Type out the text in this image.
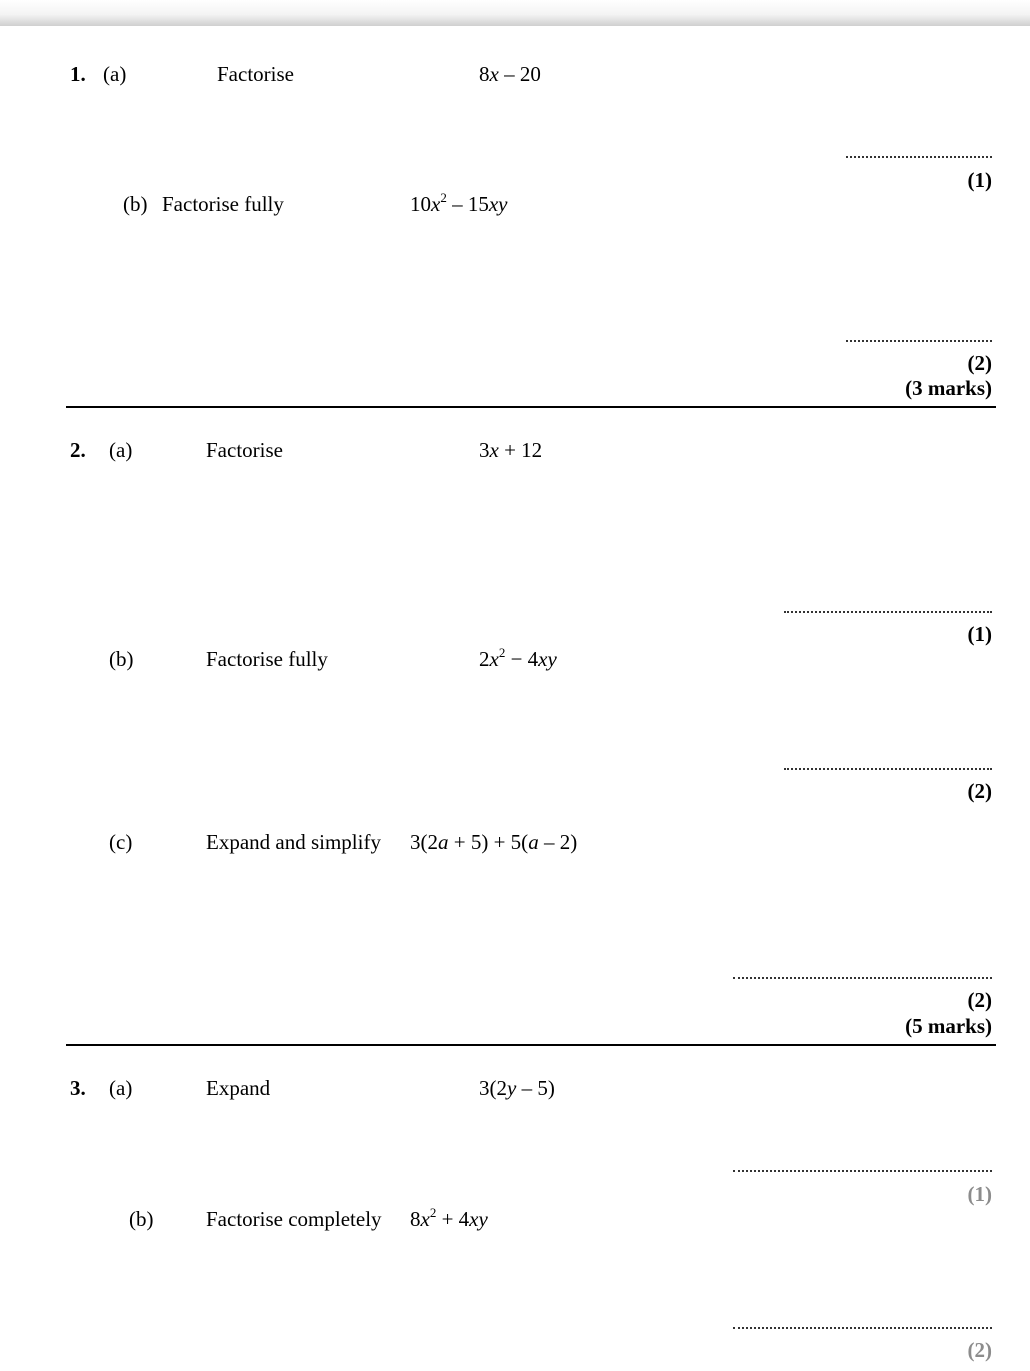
1. (a)	Factorise	8x – 20
(1)
(b) Factorise fully	$10x^2 - 15xy$
(2)
(3 marks)
2. (a)	Factorise	3x + 12
(1)
(b)	Factorise fully	$2x^2 - 4xy$
(2)
(c)	Expand and simplify 3(2a + 5) + 5(a – 2)
(2)
(5 marks)
3. (a)	Expand	3(2y – 5)
(1)
(b)	Factorise completely $8x^2 + 4xy$
(2)
